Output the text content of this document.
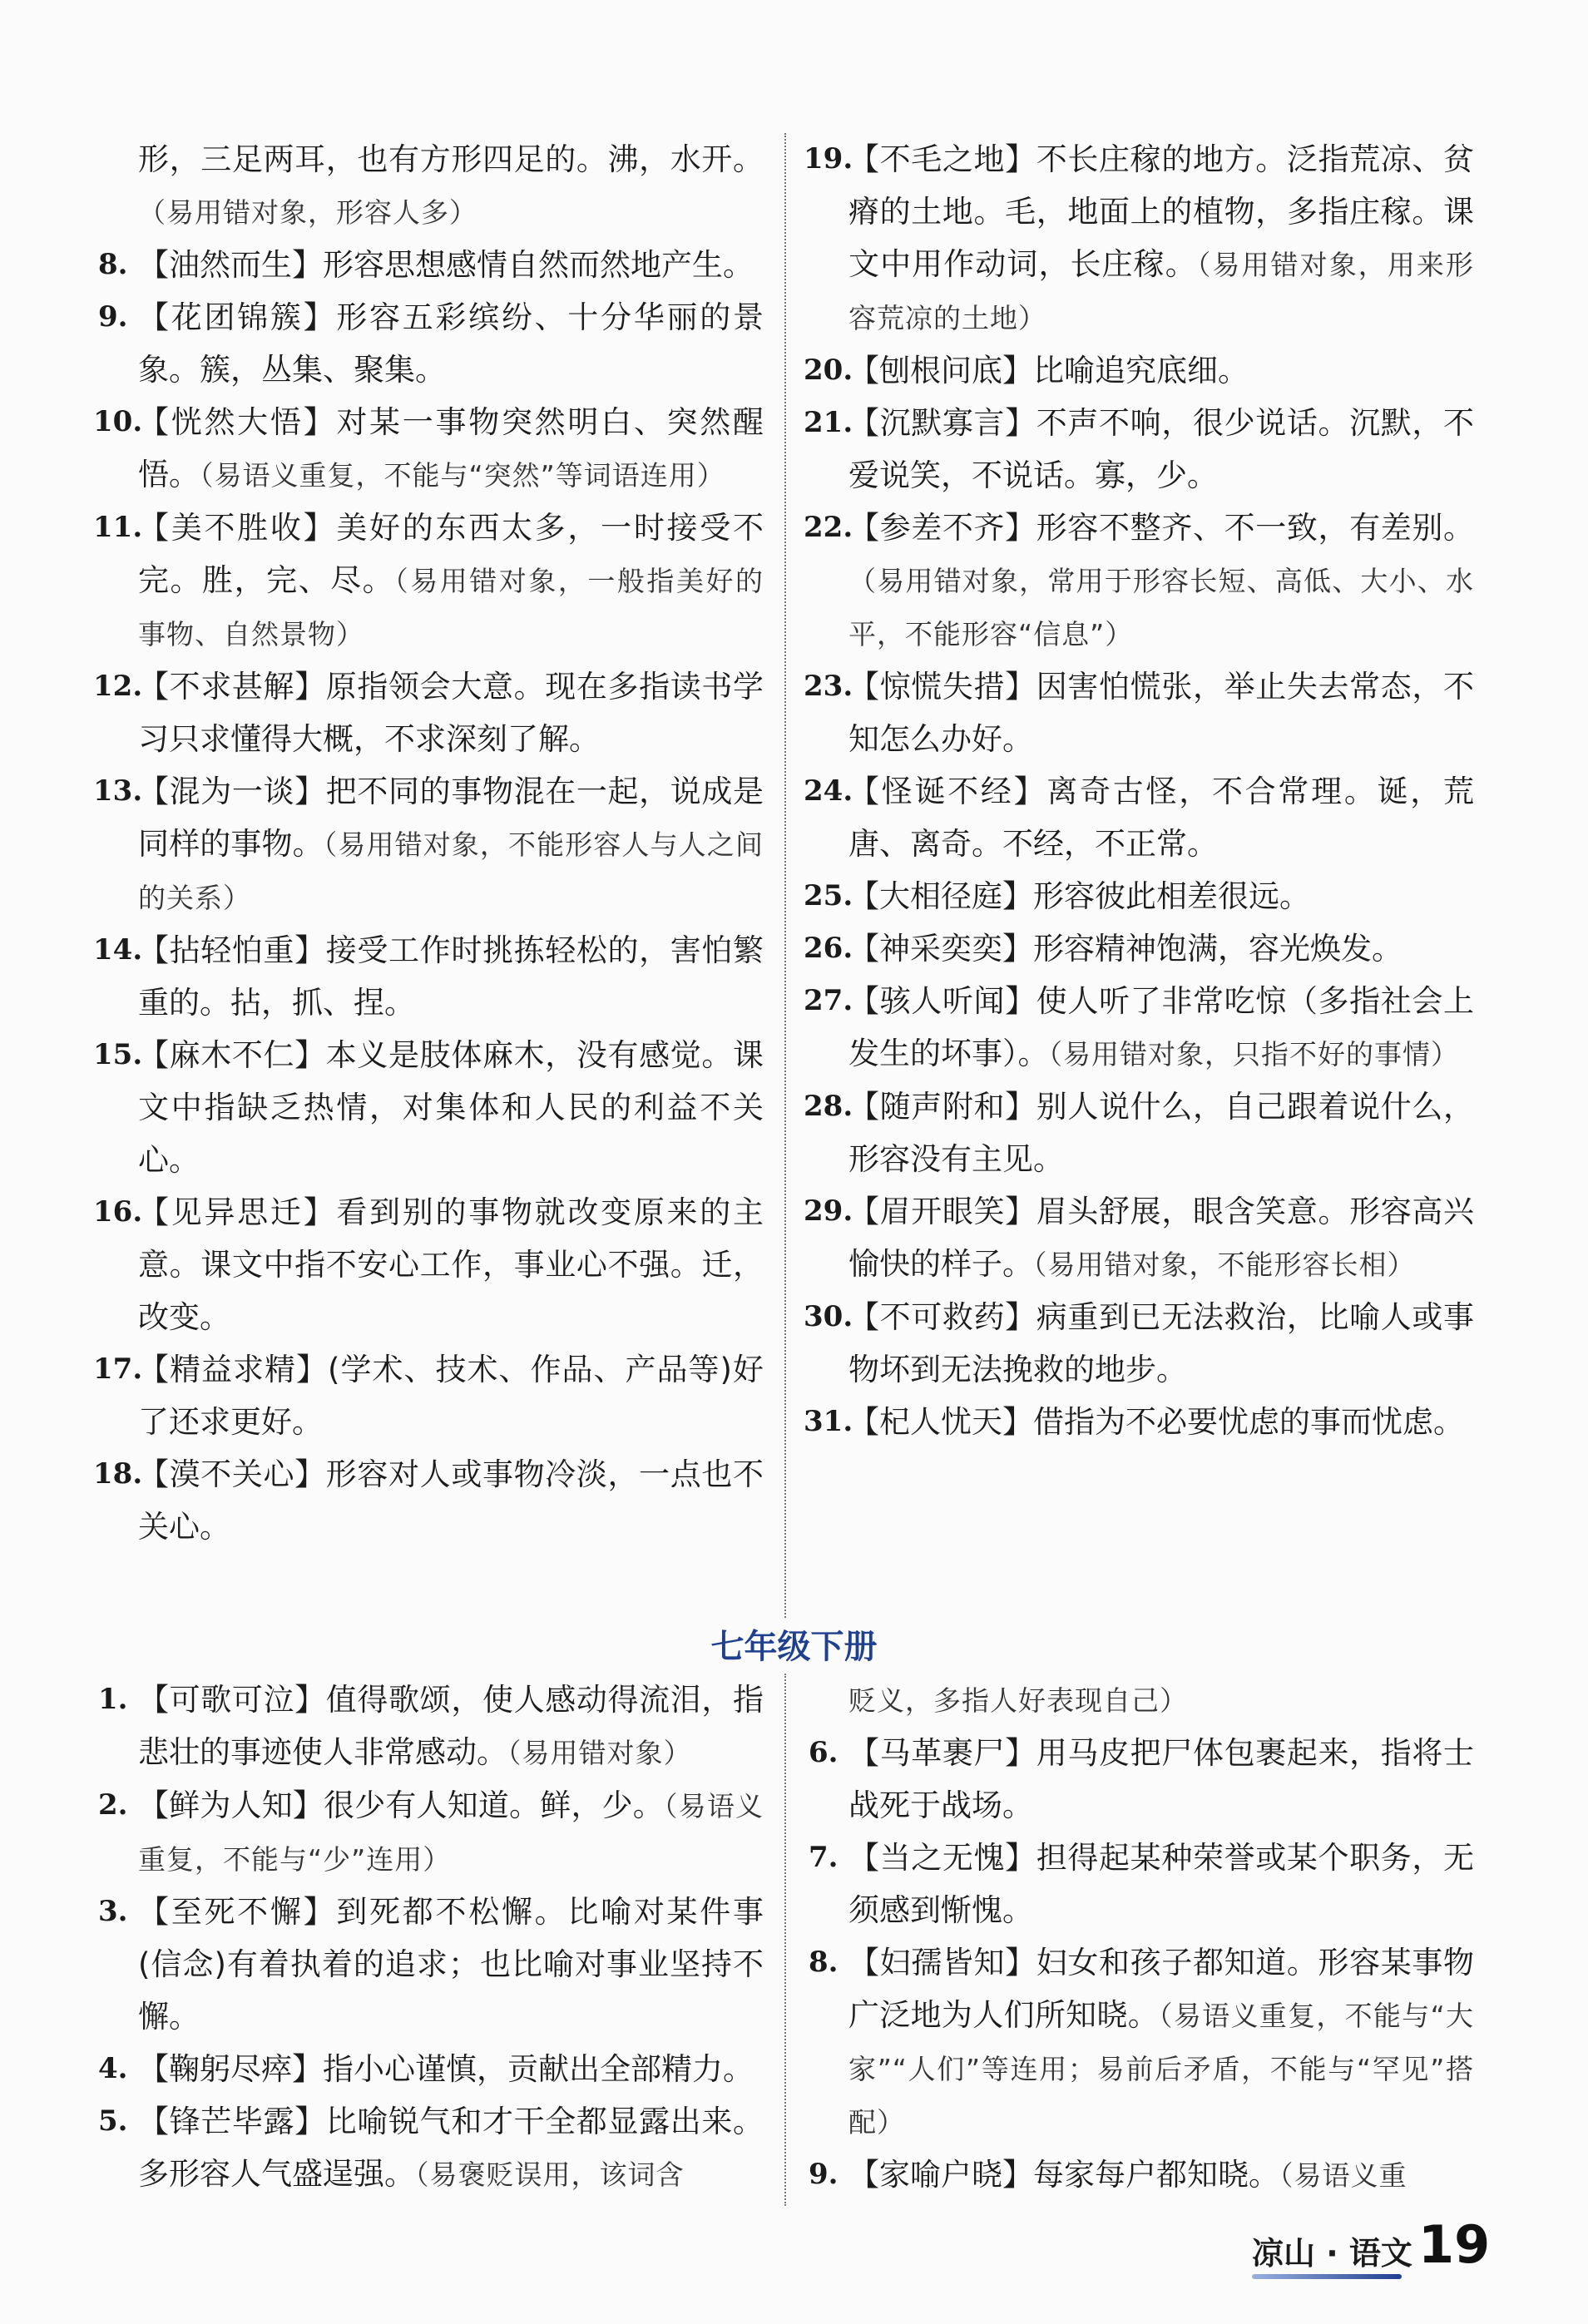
形，三足两耳，也有方形四足的。沸，水开。（易用错对象，形容人多）
8. 【油然而生】形容思想感情自然而然地产生。
9. 【花团锦簇】形容五彩缤纷、十分华丽的景象。簇，丛集、聚集。
10.
【恍然大悟】对某一事物突然明白、突然醒悟。（易语义重复，不能与“突然”等词语连用）
11.
【美不胜收】美好的东西太多，一时接受不完。胜，完、尽。（易用错对象，一般指美好的事物、自然景物）
12.
【不求甚解】原指领会大意。现在多指读书学习只求懂得大概，不求深刻了解。
13.
【混为一谈】把不同的事物混在一起，说成是同样的事物。（易用错对象，不能形容人与人之间的关系）
14.
【拈轻怕重】接受工作时挑拣轻松的，害怕繁重的。拈，抓、捏。
15.
【麻木不仁】本义是肢体麻木，没有感觉。课文中指缺乏热情，对集体和人民的利益不关心。
16.
【见异思迁】看到别的事物就改变原来的主意。课文中指不安心工作，事业心不强。迁，改变。
17.
【精益求精】(学术、技术、作品、产品等)好了还求更好。
18.
【漠不关心】形容对人或事物冷淡，一点也不关心。
19.
【不毛之地】不长庄稼的地方。泛指荒凉、贫瘠的土地。毛，地面上的植物，多指庄稼。课文中用作动词，长庄稼。（易用错对象，用来形容荒凉的土地）
20.
【刨根问底】比喻追究底细。
21.
【沉默寡言】不声不响，很少说话。沉默，不爱说笑，不说话。寡，少。
22.
【参差不齐】形容不整齐、不一致，有差别。（易用错对象，常用于形容长短、高低、大小、水平，不能形容“信息”）
23.
【惊慌失措】因害怕慌张，举止失去常态，不知怎么办好。
24.
【怪诞不经】离奇古怪，不合常理。诞，荒唐、离奇。不经，不正常。
25.
【大相径庭】形容彼此相差很远。
26.
【神采奕奕】形容精神饱满，容光焕发。
27.
【骇人听闻】使人听了非常吃惊（多指社会上发生的坏事）。（易用错对象，只指不好的事情）
28.
【随声附和】别人说什么，自己跟着说什么，形容没有主见。
29.
【眉开眼笑】眉头舒展，眼含笑意。形容高兴愉快的样子。（易用错对象，不能形容长相）
30.
【不可救药】病重到已无法救治，比喻人或事物坏到无法挽救的地步。
31.
【杞人忧天】借指为不必要忧虑的事而忧虑。
七年级下册
1. 【可歌可泣】值得歌颂，使人感动得流泪，指悲壮的事迹使人非常感动。（易用错对象）
2. 【鲜为人知】很少有人知道。鲜，少。（易语义重复，不能与“少”连用）
3. 【至死不懈】到死都不松懈。比喻对某件事(信念)有着执着的追求；也比喻对事业坚持不懈。
4. 【鞠躬尽瘁】指小心谨慎，贡献出全部精力。
5. 【锋芒毕露】比喻锐气和才干全都显露出来。多形容人气盛逞强。（易褒贬误用，该词含
贬义，多指人好表现自己）
6. 【马革裹尸】用马皮把尸体包裹起来，指将士战死于战场。
7. 【当之无愧】担得起某种荣誉或某个职务，无须感到惭愧。
8. 【妇孺皆知】妇女和孩子都知道。形容某事物广泛地为人们所知晓。（易语义重复，不能与“大家”“人们”等连用；易前后矛盾，不能与“罕见”搭配）
9. 【家喻户晓】每家每户都知晓。（易语义重
凉山 · 语文 19
